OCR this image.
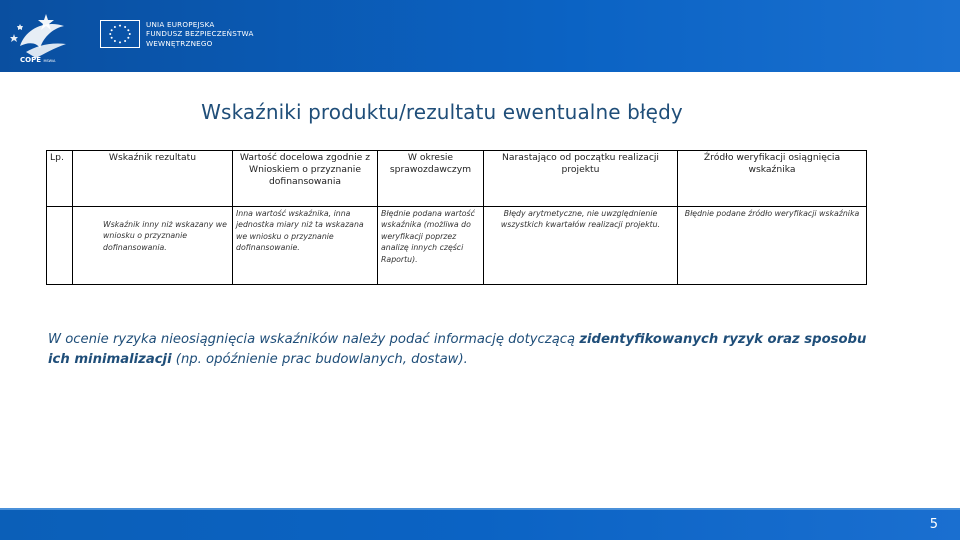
COPE MSWiA
UNIA EUROPEJSKA
FUNDUSZ BEZPIECZEŃSTWA
WEWNĘTRZNEGO
Wskaźniki produktu/rezultatu ewentualne błędy
Lp.	Wskaźnik rezultatu	Wartość docelowa zgodnie z Wnioskiem o przyznanie dofinansowania	W okresie sprawozdawczym	Narastająco od początku realizacji projektu	Źródło weryfikacji osiągnięcia wskaźnika
	Wskaźnik inny niż wskazany we wniosku o przyznanie dofinansowania.	Inna wartość wskaźnika, inna jednostka miary niż ta wskazana we wniosku o przyznanie dofinansowanie.	Błędnie podana wartość wskaźnika (możliwa do weryfikacji poprzez analizę innych części Raportu).	Błędy arytmetyczne, nie uwzględnienie wszystkich kwartałów realizacji projektu.	Błędnie podane źródło weryfikacji wskaźnika
W ocenie ryzyka nieosiągnięcia wskaźników należy podać informację dotyczącą zidentyfikowanych ryzyk oraz sposobu ich minimalizacji (np. opóźnienie prac budowlanych, dostaw).
5
